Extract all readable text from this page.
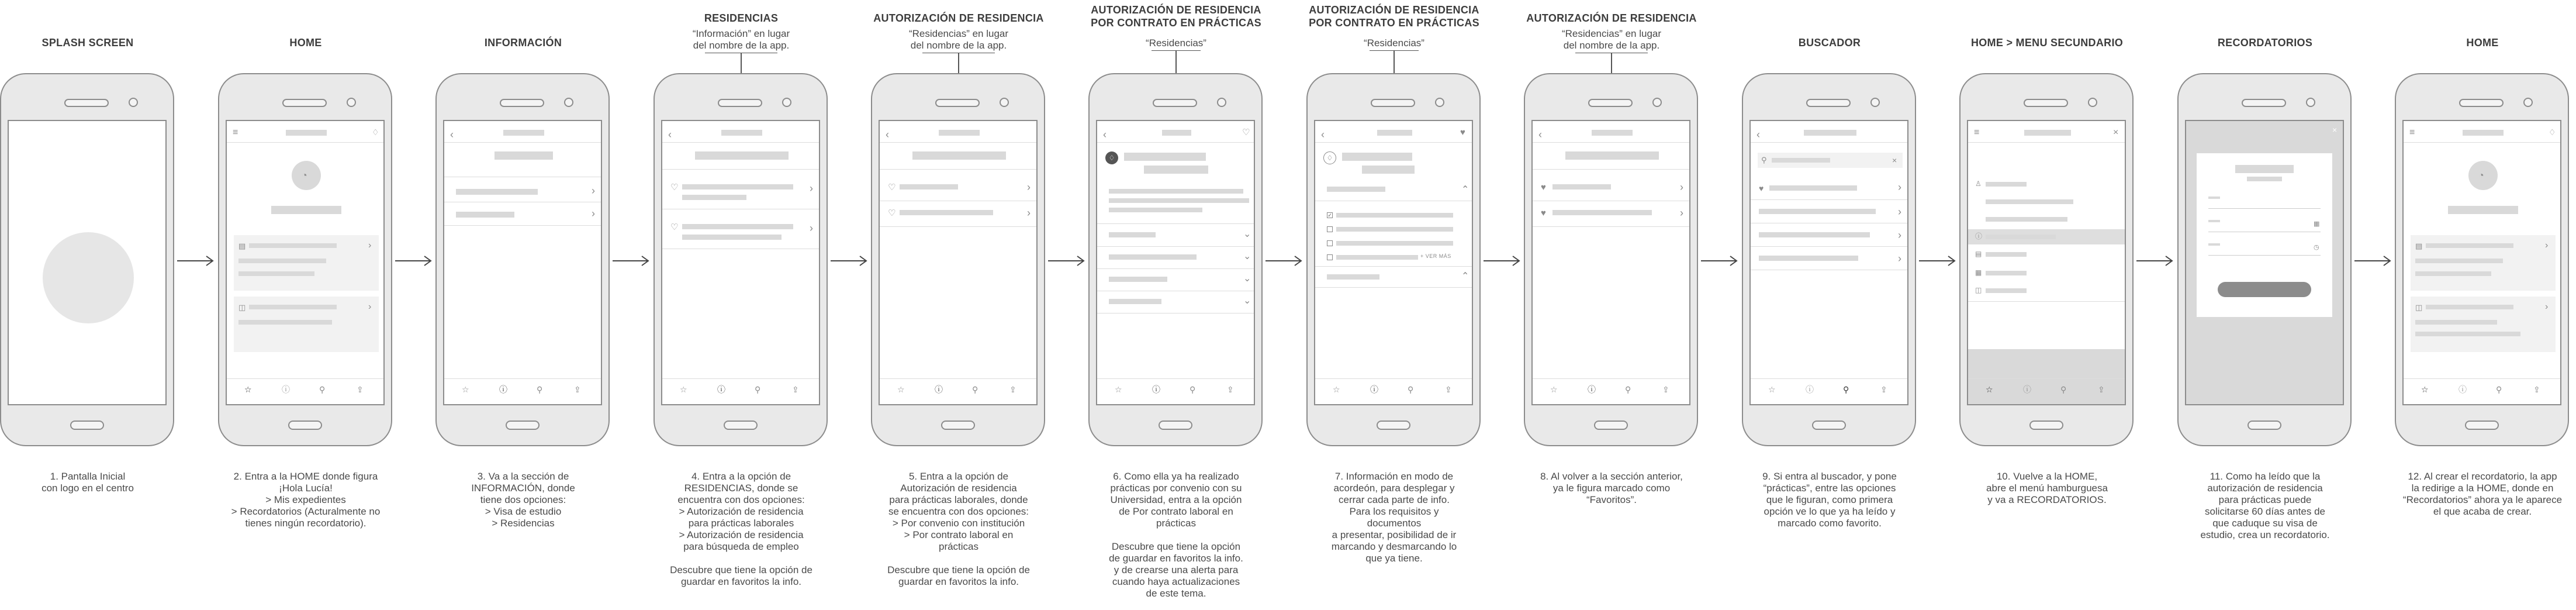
SPLASH SCREEN
1. Pantalla Inicial
con logo en el centro
HOME
≡	♢
◔
▤	›
◫	›
☆	ⓘ	⚲	⇪
2. Entra a la HOME donde figura
¡Hola Lucía!
> Mis expedientes
> Recordatorios (Acturalmente no
tienes ningún recordatorio).
INFORMACIÓN
‹
›
›
☆	ⓘ	⚲	⇪
3. Va a la sección de
INFORMACIÓN, donde
tiene dos opciones:
> Visa de estudio
> Residencias
RESIDENCIAS
“Información” en lugar
del nombre de la app.
‹
♡	›
♡	›
☆	ⓘ	⚲	⇪
4. Entra a la opción de
RESIDENCIAS, donde se
encuentra con dos opciones:
> Autorización de residencia
para prácticas laborales
> Autorización de residencia
para búsqueda de empleo

Descubre que tiene la opción de
guardar en favoritos la info.
AUTORIZACIÓN DE RESIDENCIA
“Residencias” en lugar
del nombre de la app.
‹
♡	›
♡	›
☆	ⓘ	⚲	⇪
5. Entra a la opción de
Autorización de residencia
para prácticas laborales, donde
se encuentra con dos opciones:
> Por convenio con institución
> Por contrato laboral en
prácticas

Descubre que tiene la opción de
guardar en favoritos la info.
AUTORIZACIÓN DE RESIDENCIA
POR CONTRATO EN PRÁCTICAS
“Residencias”
‹	♡
♢
⌄
⌄
⌄
⌄
☆	ⓘ	⚲	⇪
6. Como ella ya ha realizado
prácticas por convenio con su
Universidad, entra a la opción
de Por contrato laboral en
prácticas

Descubre que tiene la opción
de guardar en favoritos la info.
y de crearse una alerta para
cuando haya actualizaciones
de este tema.
AUTORIZACIÓN DE RESIDENCIA
POR CONTRATO EN PRÁCTICAS
“Residencias”
‹	♥
♢
⌃
✓
+ VER MÁS
⌃
☆	ⓘ	⚲	⇪
7. Información en modo de
acordeón, para desplegar y
cerrar cada parte de info.
Para los requisitos y
documentos
a presentar, posibilidad de ir
marcando y desmarcando lo
que ya tiene.
AUTORIZACIÓN DE RESIDENCIA
“Residencias” en lugar
del nombre de la app.
‹
♥	›
♥	›
☆	ⓘ	⚲	⇪
8. Al volver a la sección anterior,
ya le figura marcado como
“Favoritos”.
BUSCADOR
‹
⚲	×
♥	›
›
›
›
☆	ⓘ	⚲	⇪
9. Si entra al buscador, y pone
“prácticas”, entre las opciones
que le figuran, como primera
opción ve lo que ya ha leído y
marcado como favorito.
HOME > MENU SECUNDARIO
≡	×
♙
ⓘ
▤
▦
◫
☆	ⓘ	⚲	⇪
10. Vuelve a la HOME,
abre el menú hamburguesa
y va a RECORDATORIOS.
RECORDATORIOS
×
▦
◷
11. Como ha leído que la
autorización de residencia
para prácticas puede
solicitarse 60 días antes de
que caduque su visa de
estudio, crea un recordatorio.
HOME
≡	♢
◔
▤	›
◫	›
☆	ⓘ	⚲	⇪
12. Al crear el recordatorio, la app
la redirige a la HOME, donde en
“Recordatorios” ahora ya le aparece
el que acaba de crear.
